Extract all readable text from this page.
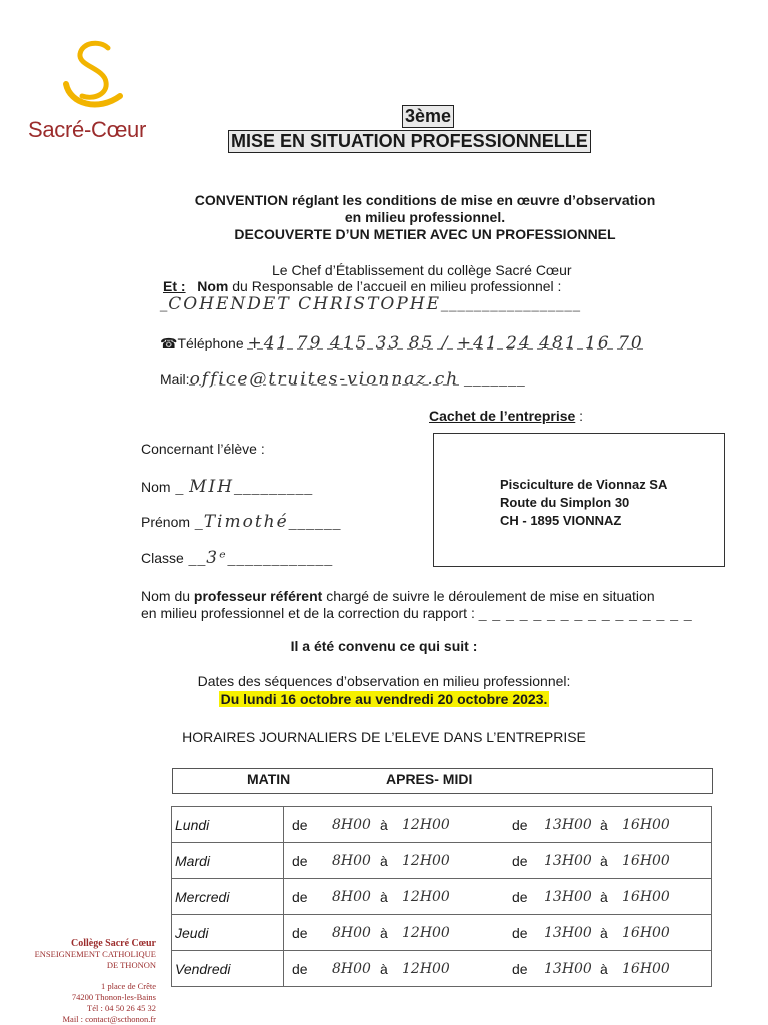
Sacré-Cœur
3ème
MISE EN SITUATION PROFESSIONNELLE
CONVENTION réglant les conditions de mise en œuvre d’observation
en milieu professionnel.
DECOUVERTE D’UN METIER AVEC UN PROFESSIONNEL
Le Chef d’Établissement du collège Sacré Cœur
Et : Nom du Responsable de l’accueil en milieu professionnel :
_COHENDET CHRISTOPHE_________________
☎Téléphone +41 79 415 33 85 / +41 24 481 16 70
Mail:office@truites-vionnaz.ch _______
Cachet de l’entreprise :
Pisciculture de Vionnaz SA
Route du Simplon 30
CH - 1895 VIONNAZ
Concernant l’élève :
Nom _ MIH_________
Prénom _Timothé______
Classe __3ᵉ____________
Nom du professeur référent chargé de suivre le déroulement de mise en situation
en milieu professionnel et de la correction du rapport : _ _ _ _ _ _ _ _ _ _ _ _ _ _ _ _
Il a été convenu ce qui suit :
Dates des séquences d’observation en milieu professionnel:
Du lundi 16 octobre au vendredi 20 octobre 2023.
HORAIRES JOURNALIERS DE L’ELEVE DANS L’ENTREPRISE
MATIN	APRES- MIDI
Lundi	de	8H00	à	12H00	de	13H00	à	16H00
Mardi	de	8H00	à	12H00	de	13H00	à	16H00
Mercredi	de	8H00	à	12H00	de	13H00	à	16H00
Jeudi	de	8H00	à	12H00	de	13H00	à	16H00
Vendredi	de	8H00	à	12H00	de	13H00	à	16H00
Collège Sacré Cœur
ENSEIGNEMENT CATHOLIQUE
DE THONON
1 place de Crête
74200 Thonon-les-Bains
Tél : 04 50 26 45 32
Mail : contact@scthonon.fr
